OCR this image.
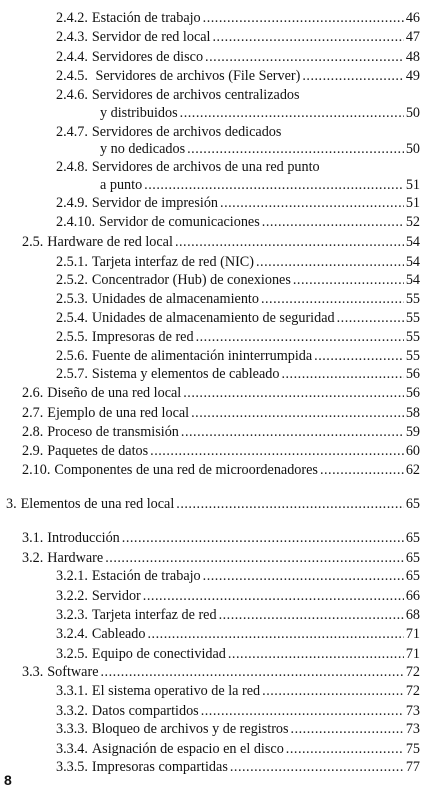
2.4.2. Estación de trabajo .....	46
2.4.3. Servidor de red local .....	47
2.4.4. Servidores de disco .....	48
2.4.5. Servidores de archivos (File Server) .....	49
2.4.6. Servidores de archivos centralizados
y distribuidos .....	50
2.4.7. Servidores de archivos dedicados
y no dedicados .....	50
2.4.8. Servidores de archivos de una red punto
a punto .....	51
2.4.9. Servidor de impresión .....	51
2.4.10. Servidor de comunicaciones .....	52
2.5. Hardware de red local .....	54
2.5.1. Tarjeta interfaz de red (NIC) .....	54
2.5.2. Concentrador (Hub) de conexiones .....	54
2.5.3. Unidades de almacenamiento .....	55
2.5.4. Unidades de almacenamiento de seguridad .....	55
2.5.5. Impresoras de red .....	55
2.5.6. Fuente de alimentación ininterrumpida .....	55
2.5.7. Sistema y elementos de cableado .....	56
2.6. Diseño de una red local .....	56
2.7. Ejemplo de una red local .....	58
2.8. Proceso de transmisión .....	59
2.9. Paquetes de datos .....	60
2.10. Componentes de una red de microordenadores .....	62
3. Elementos de una red local .....	65
3.1. Introducción .....	65
3.2. Hardware .....	65
3.2.1. Estación de trabajo .....	65
3.2.2. Servidor .....	66
3.2.3. Tarjeta interfaz de red .....	68
3.2.4. Cableado .....	71
3.2.5. Equipo de conectividad .....	71
3.3. Software .....	72
3.3.1. El sistema operativo de la red .....	72
3.3.2. Datos compartidos .....	73
3.3.3. Bloqueo de archivos y de registros .....	73
3.3.4. Asignación de espacio en el disco .....	75
3.3.5. Impresoras compartidas .....	77
8
